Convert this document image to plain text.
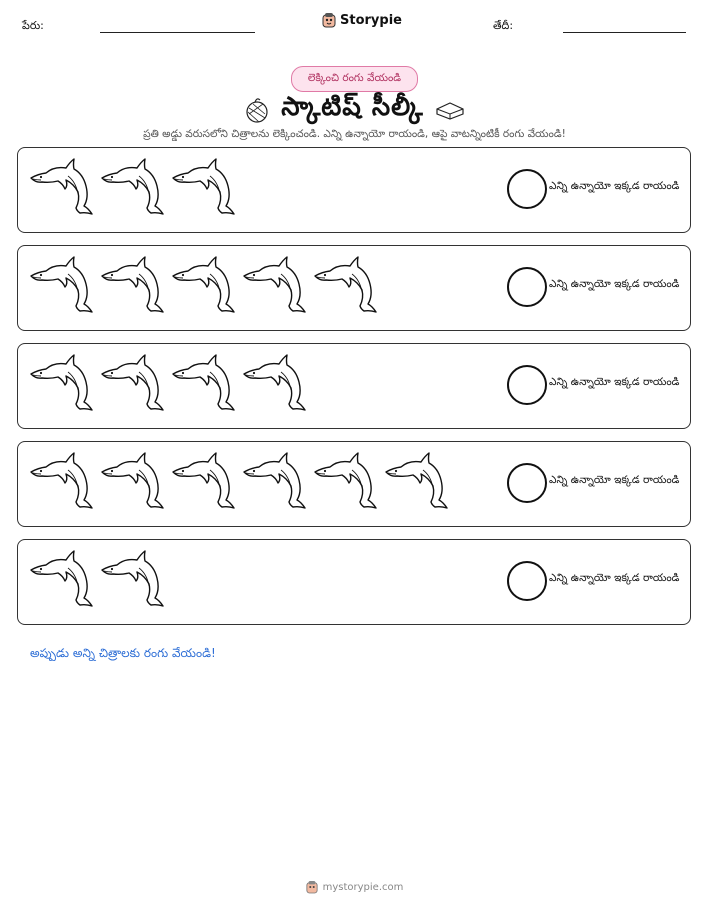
పేరు:	Storypie	తేదీ:
లెక్కించి రంగు వేయండి
స్కాటిష్ సీల్కీ
ప్రతి అడ్డు వరుసలోని చిత్రాలను లెక్కించండి. ఎన్ని ఉన్నాయో రాయండి, ఆపై వాటన్నింటికీ రంగు వేయండి!
ఎన్ని ఉన్నాయో ఇక్కడ రాయండి
ఎన్ని ఉన్నాయో ఇక్కడ రాయండి
ఎన్ని ఉన్నాయో ఇక్కడ రాయండి
ఎన్ని ఉన్నాయో ఇక్కడ రాయండి
ఎన్ని ఉన్నాయో ఇక్కడ రాయండి
అప్పుడు అన్ని చిత్రాలకు రంగు వేయండి!
mystorypie.com
